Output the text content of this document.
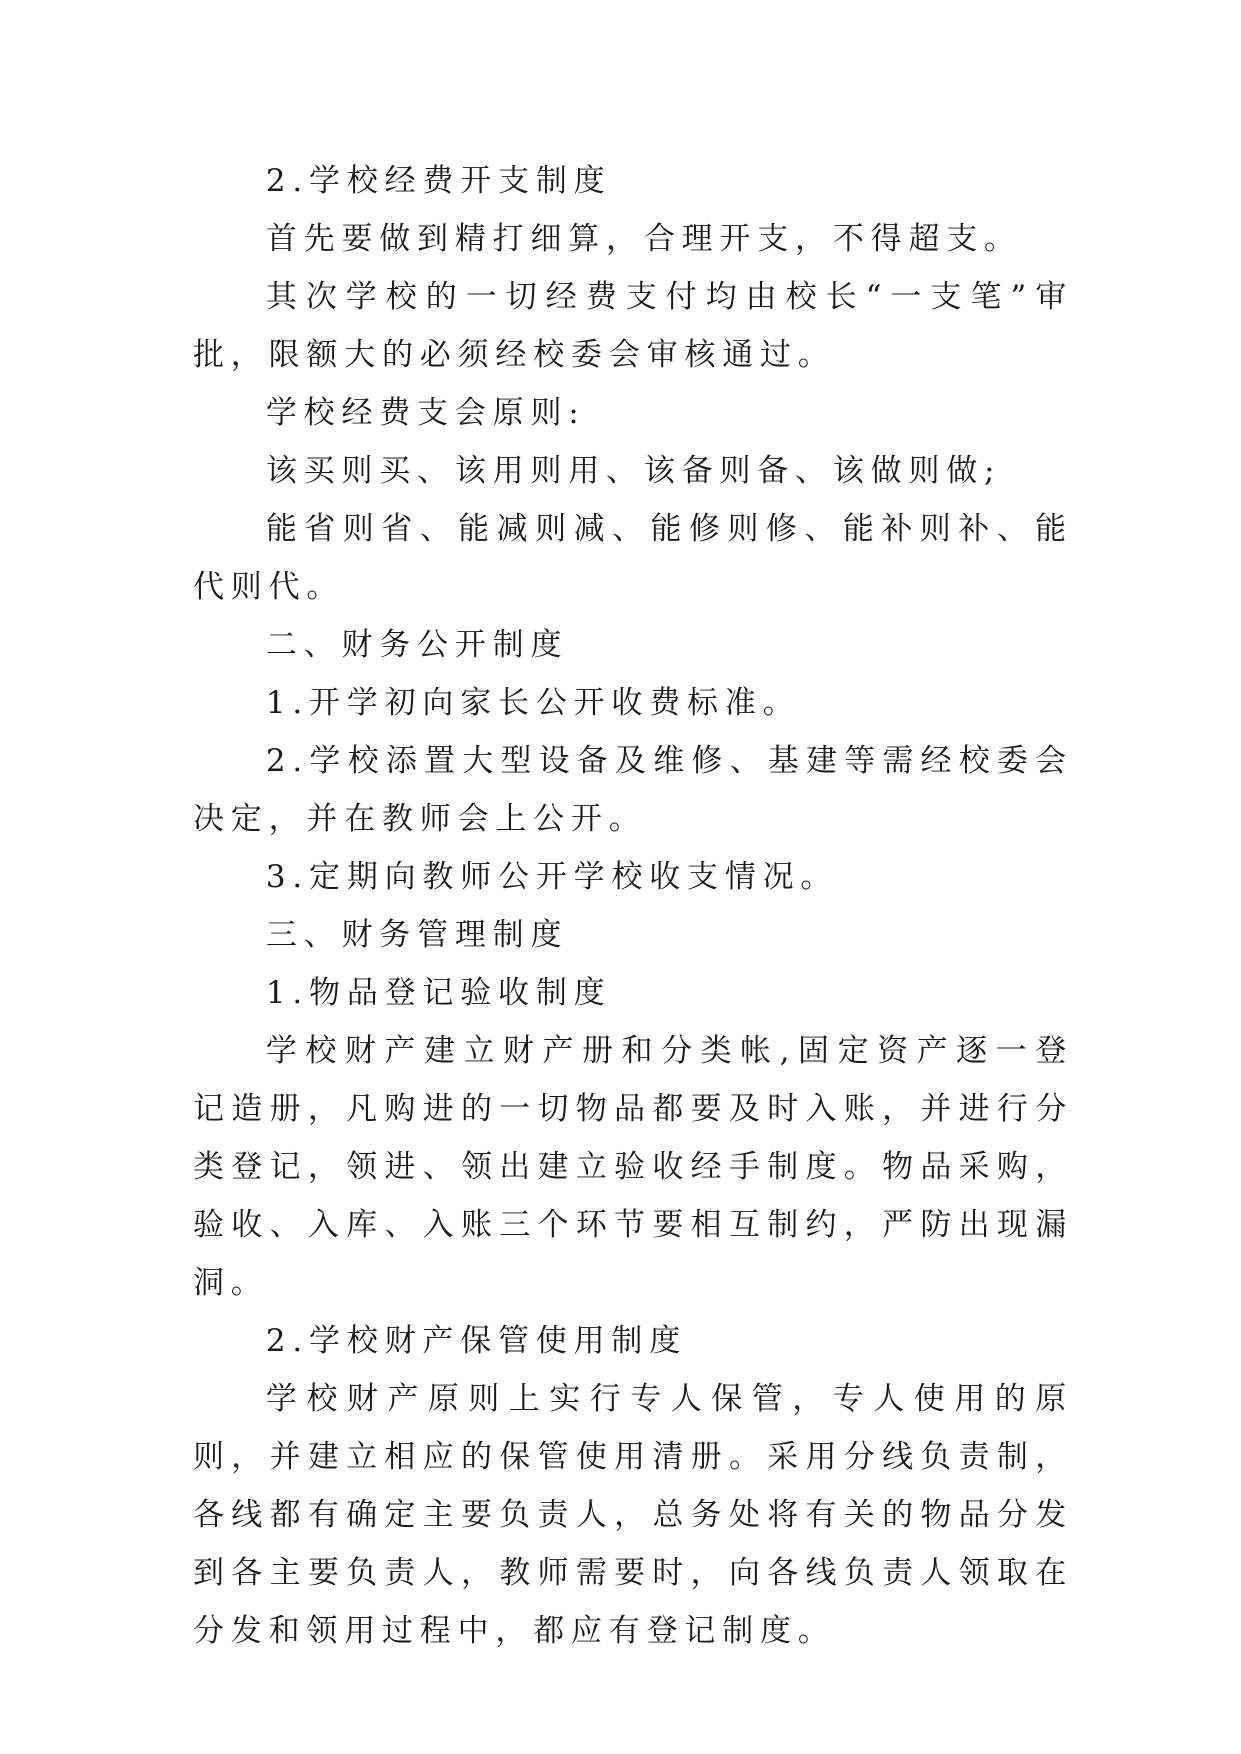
2.学校经费开支制度

首先要做到精打细算，合理开支，不得超支。

其次学校的一切经费支付均由校长“一支笔”审批，限额大的必须经校委会审核通过。

学校经费支会原则:

该买则买、该用则用、该备则备、该做则做;

能省则省、能减则减、能修则修、能补则补、能代则代。

二、财务公开制度

1.开学初向家长公开收费标准。

2.学校添置大型设备及维修、基建等需经校委会决定，并在教师会上公开。

3.定期向教师公开学校收支情况。

三、财务管理制度

1.物品登记验收制度

学校财产建立财产册和分类帐,固定资产逐一登记造册，凡购进的一切物品都要及时入账，并进行分类登记，领进、领出建立验收经手制度。物品采购，验收、入库、入账三个环节要相互制约，严防出现漏洞。

2.学校财产保管使用制度

学校财产原则上实行专人保管，专人使用的原则，并建立相应的保管使用清册。采用分线负责制，各线都有确定主要负责人，总务处将有关的物品分发到各主要负责人，教师需要时，向各线负责人领取在分发和领用过程中，都应有登记制度。
